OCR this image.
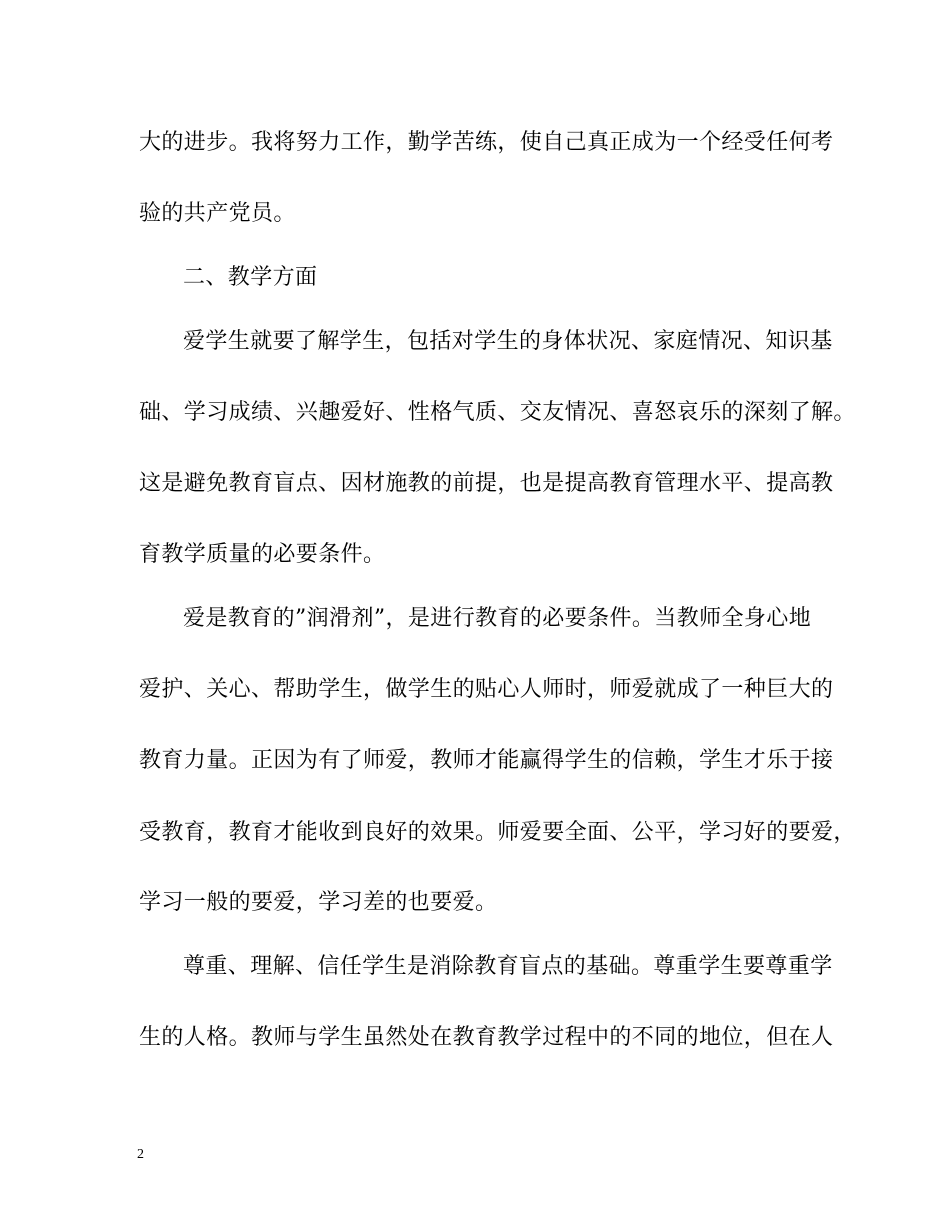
大的进步。我将努力工作，勤学苦练，使自己真正成为一个经受任何考
验的共产党员。
二、教学方面
爱学生就要了解学生，包括对学生的身体状况、家庭情况、知识基
础、学习成绩、兴趣爱好、性格气质、交友情况、喜怒哀乐的深刻了解。
这是避免教育盲点、因材施教的前提，也是提高教育管理水平、提高教
育教学质量的必要条件。
爱是教育的”润滑剂”，是进行教育的必要条件。当教师全身心地
爱护、关心、帮助学生，做学生的贴心人师时，师爱就成了一种巨大的
教育力量。正因为有了师爱，教师才能赢得学生的信赖，学生才乐于接
受教育，教育才能收到良好的效果。师爱要全面、公平，学习好的要爱，
学习一般的要爱，学习差的也要爱。
尊重、理解、信任学生是消除教育盲点的基础。尊重学生要尊重学
生的人格。教师与学生虽然处在教育教学过程中的不同的地位，但在人
2
